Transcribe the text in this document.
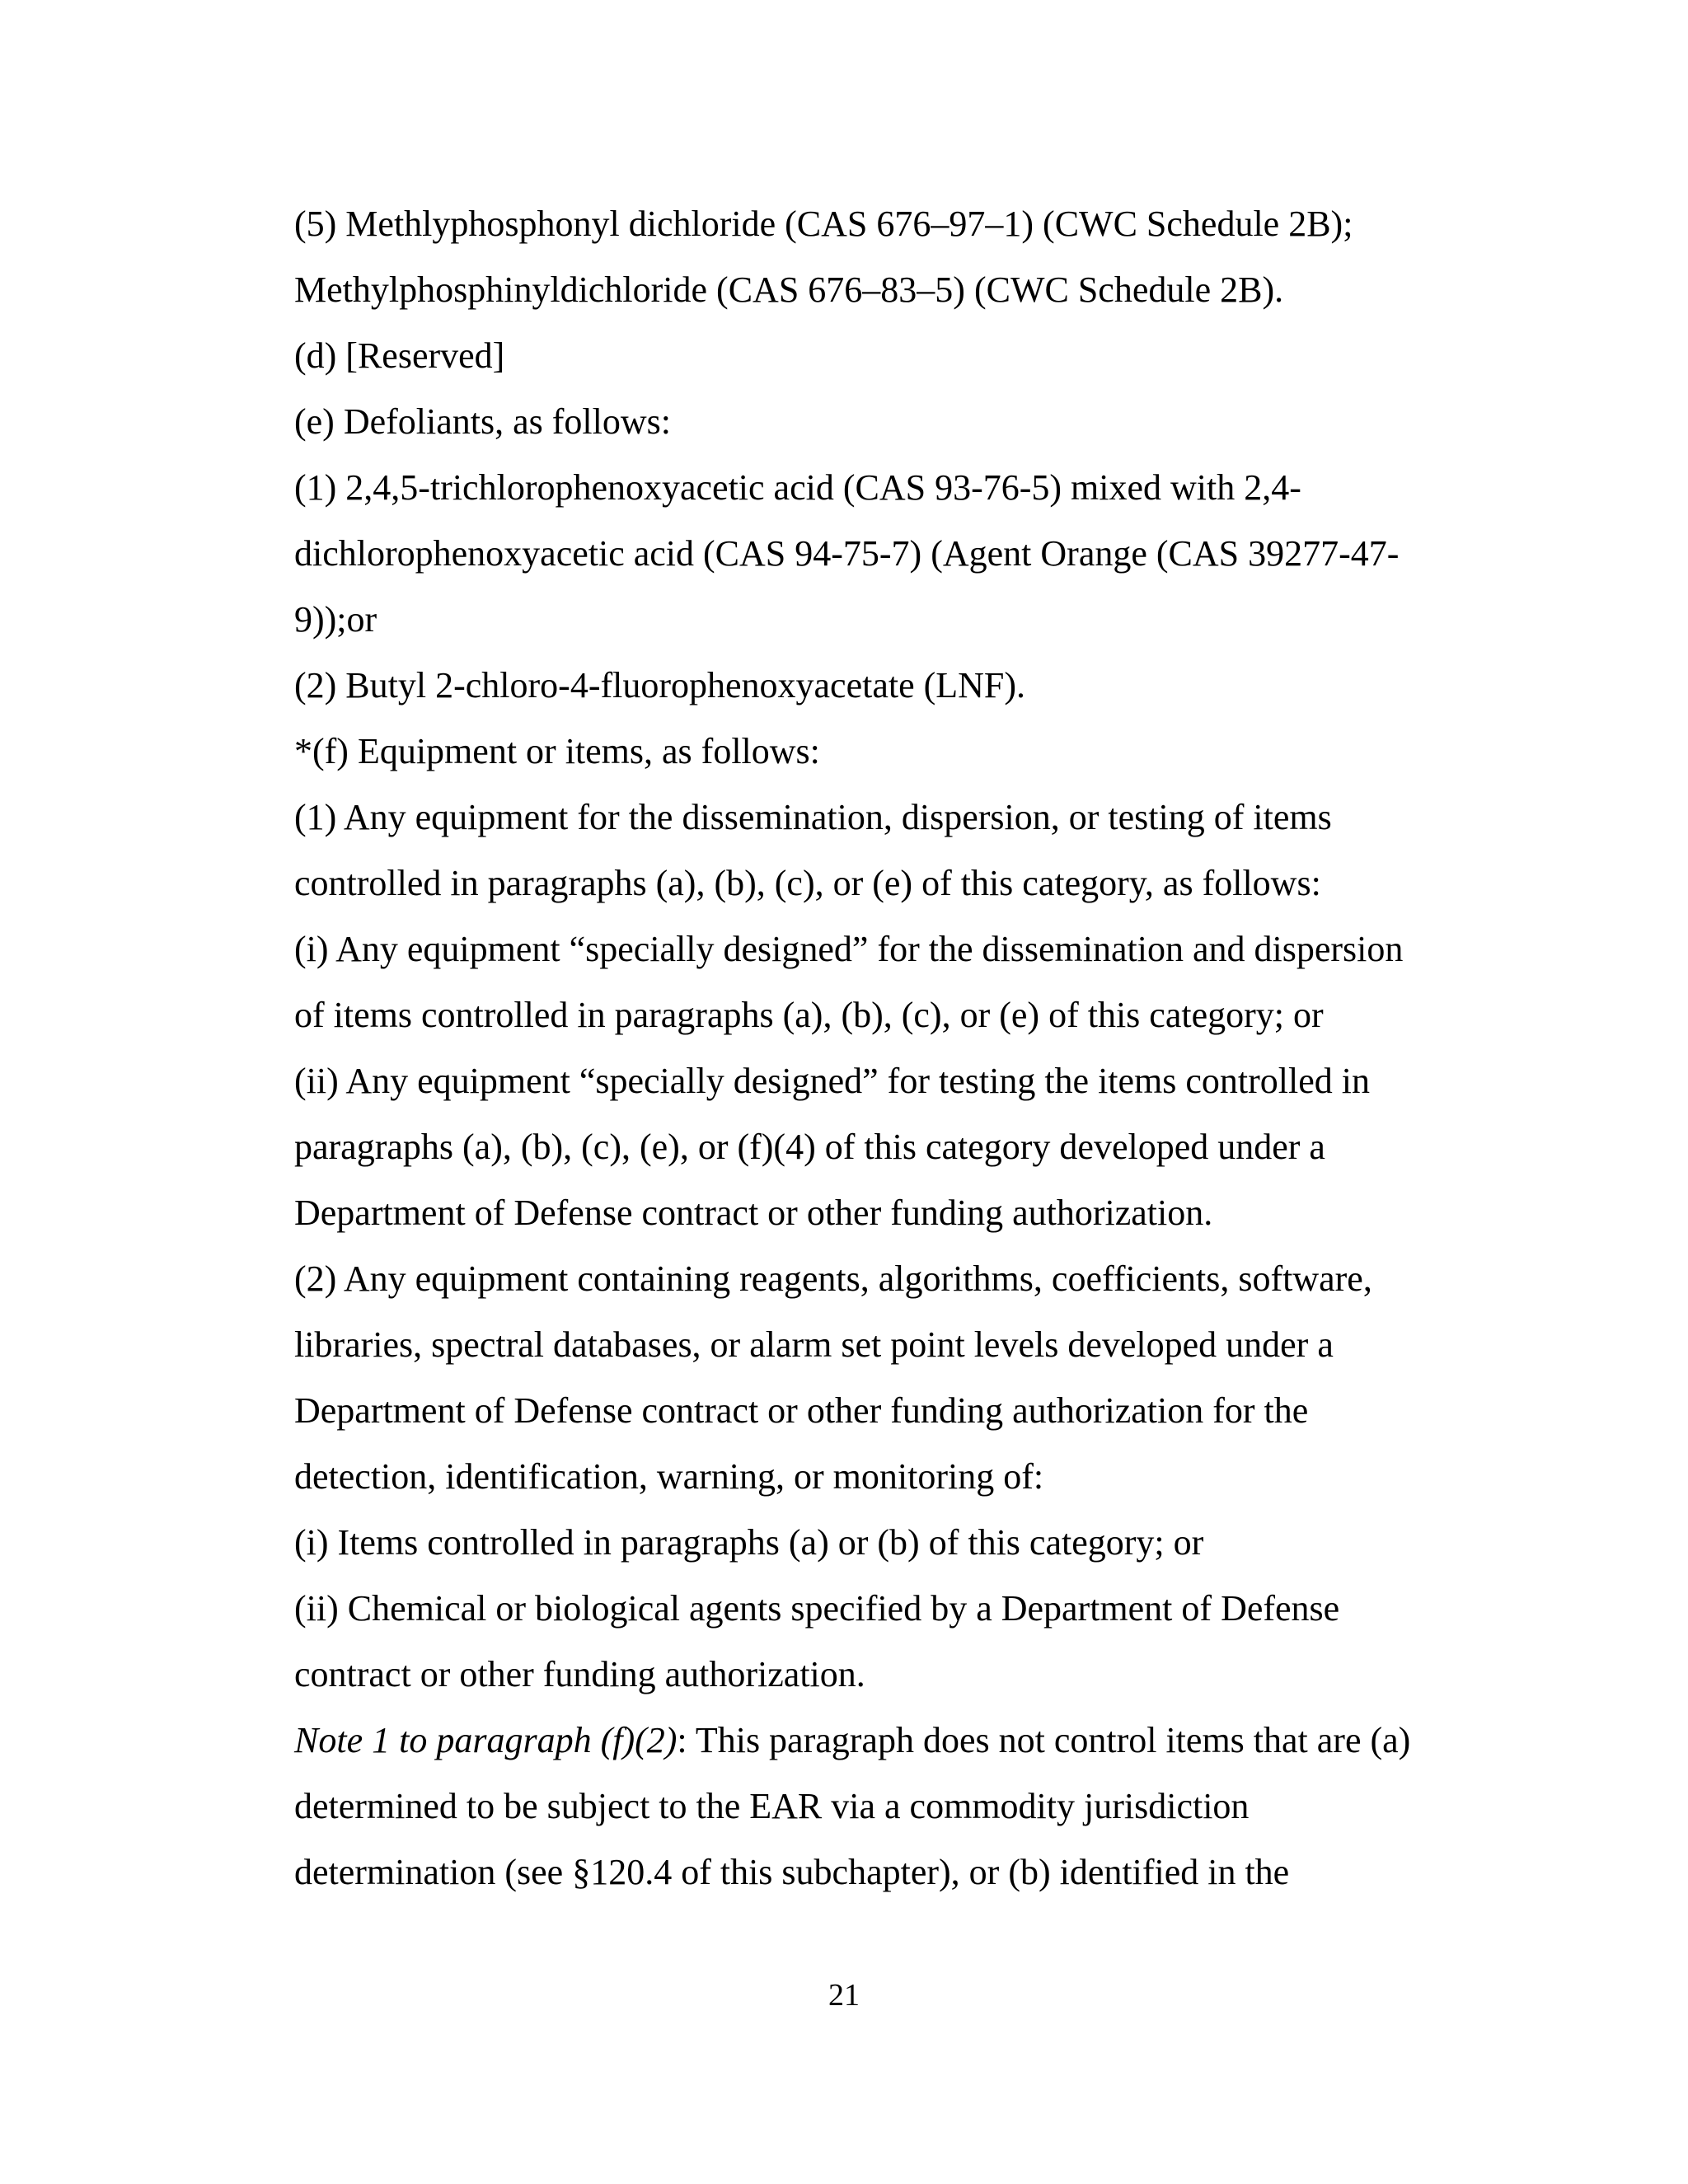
(5) Methlyphosphonyl dichloride (CAS 676–97–1) (CWC Schedule 2B);
Methylphosphinyldichloride (CAS 676–83–5) (CWC Schedule 2B).
(d) [Reserved]
(e) Defoliants, as follows:
(1) 2,4,5-trichlorophenoxyacetic acid (CAS 93-76-5) mixed with 2,4-
dichlorophenoxyacetic acid (CAS 94-75-7) (Agent Orange (CAS 39277-47-
9));or
(2) Butyl 2-chloro-4-fluorophenoxyacetate (LNF).
*(f) Equipment or items, as follows:
(1) Any equipment for the dissemination, dispersion, or testing of items
controlled in paragraphs (a), (b), (c), or (e) of this category, as follows:
(i) Any equipment “specially designed” for the dissemination and dispersion
of items controlled in paragraphs (a), (b), (c), or (e) of this category; or
(ii) Any equipment “specially designed” for testing the items controlled in
paragraphs (a), (b), (c), (e), or (f)(4) of this category developed under a
Department of Defense contract or other funding authorization.
(2) Any equipment containing reagents, algorithms, coefficients, software,
libraries, spectral databases, or alarm set point levels developed under a
Department of Defense contract or other funding authorization for the
detection, identification, warning, or monitoring of:
(i) Items controlled in paragraphs (a) or (b) of this category; or
(ii) Chemical or biological agents specified by a Department of Defense
contract or other funding authorization.
Note 1 to paragraph (f)(2): This paragraph does not control items that are (a)
determined to be subject to the EAR via a commodity jurisdiction
determination (see §120.4 of this subchapter), or (b) identified in the
21
